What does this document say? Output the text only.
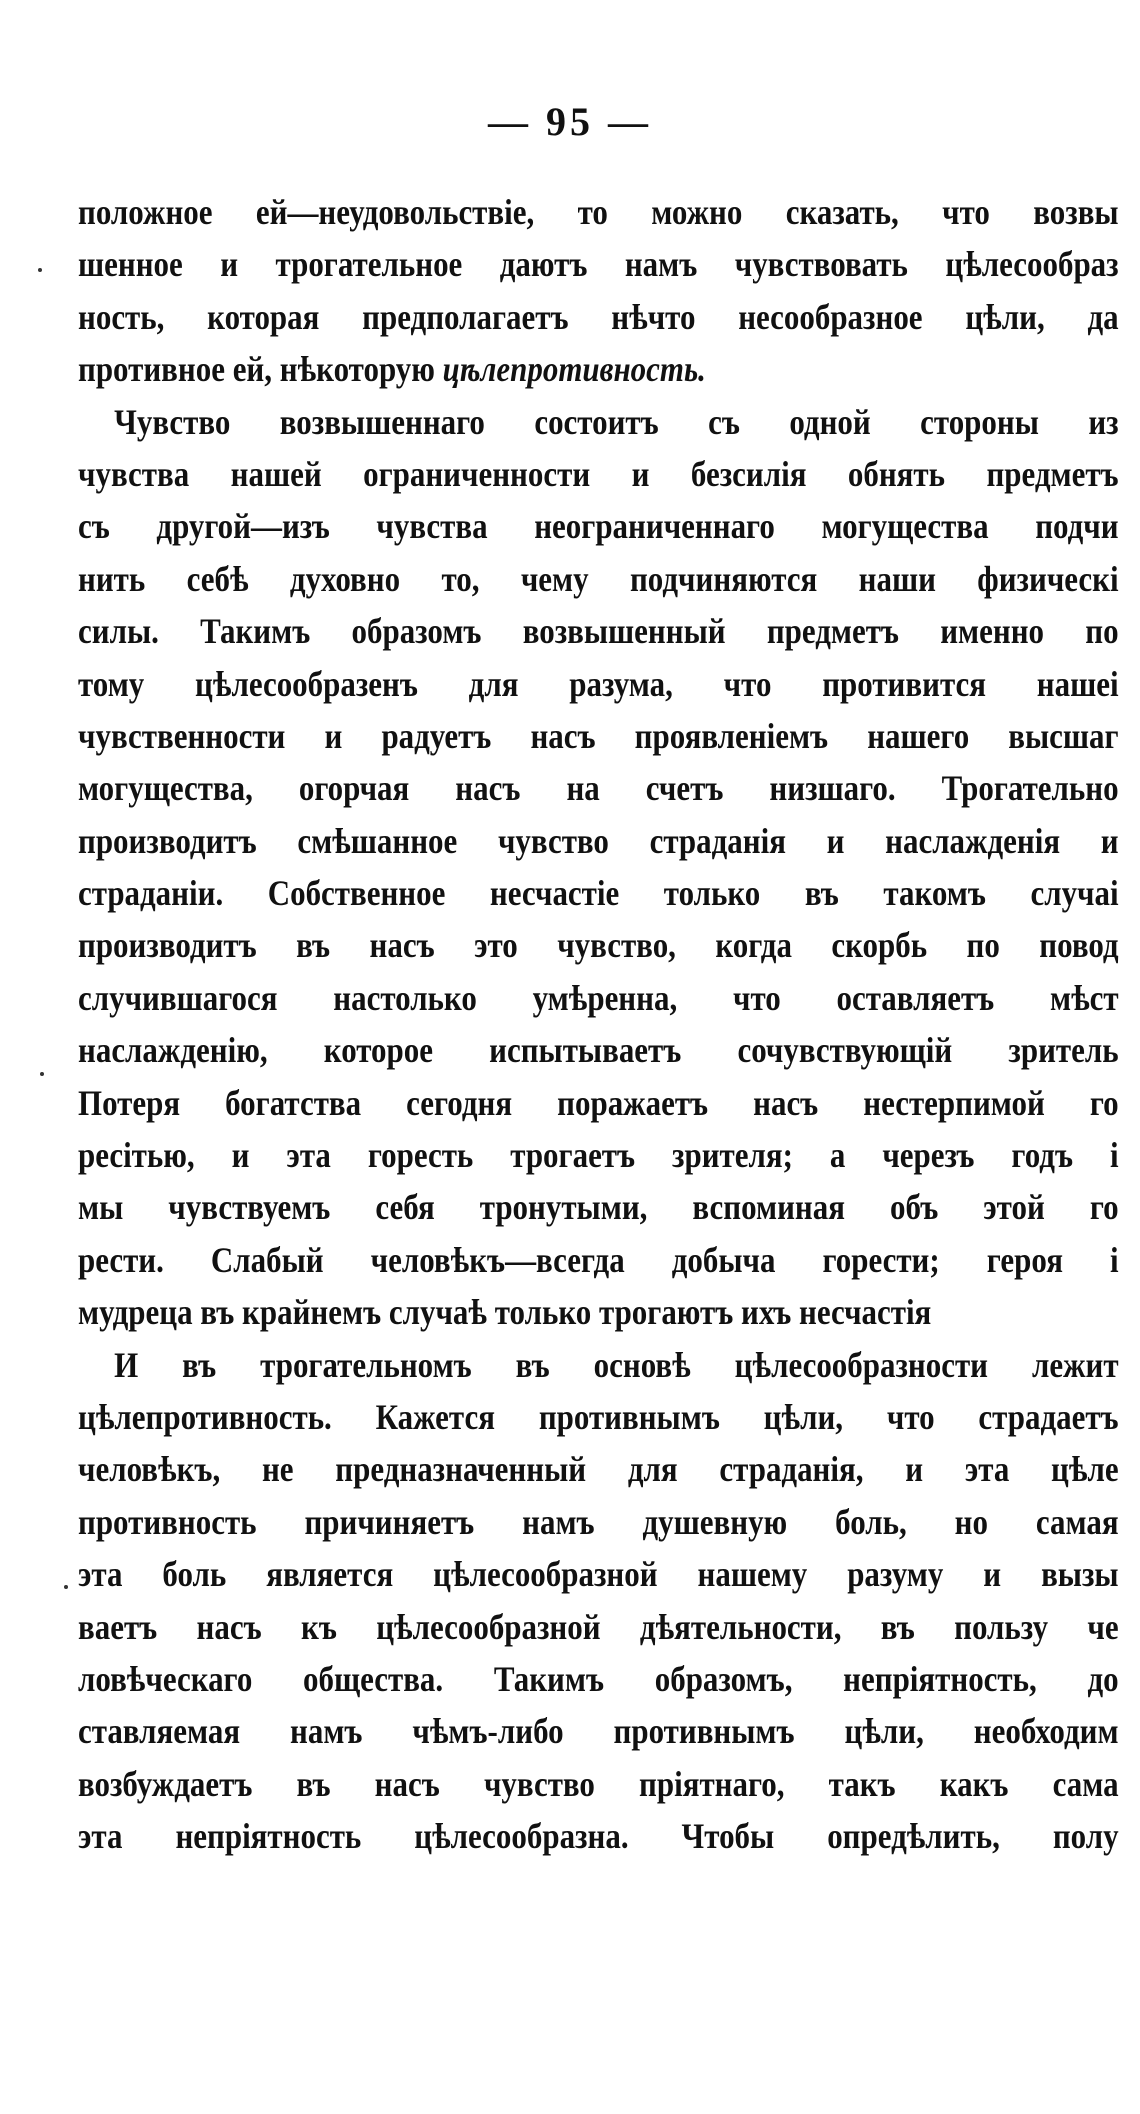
— 95 —
положное ей—неудовольствіе, то можно сказать, что возвы
шенное и трогательное даютъ намъ чувствовать цѣлесообраз
ность, которая предполагаетъ нѣчто несообразное цѣли, да
противное ей, нѣкоторую цѣлепротивность.
Чувство возвышеннаго состоитъ съ одной стороны из
чувства нашей ограниченности и безсилія обнять предметъ
съ другой—изъ чувства неограниченнаго могущества подчи
нить себѣ духовно то, чему подчиняются наши физическі
силы. Такимъ образомъ возвышенный предметъ именно по
тому цѣлесообразенъ для разума, что противится нашеі
чувственности и радуетъ насъ проявленіемъ нашего высшаг
могущества, огорчая насъ на счетъ низшаго. Трогательно
производитъ смѣшанное чувство страданія и наслажденія и
страданіи. Собственное несчастіе только въ такомъ случаі
производитъ въ насъ это чувство, когда скорбь по повод
случившагося настолько умѣренна, что оставляетъ мѣст
наслажденію, которое испытываетъ сочувствующій зритель
Потеря богатства сегодня поражаетъ насъ нестерпимой го
ресітью, и эта горесть трогаетъ зрителя; а черезъ годъ і
мы чувствуемъ себя тронутыми, вспоминая объ этой го
рести. Слабый человѣкъ—всегда добыча горести; героя і
мудреца въ крайнемъ случаѣ только трогаютъ ихъ несчастія
И въ трогательномъ въ основѣ цѣлесообразности лежит
цѣлепротивность. Кажется противнымъ цѣли, что страдаетъ
человѣкъ, не предназначенный для страданія, и эта цѣле
противность причиняетъ намъ душевную боль, но самая
эта боль является цѣлесообразной нашему разуму и вызы
ваетъ насъ къ цѣлесообразной дѣятельности, въ пользу че
ловѣческаго общества. Такимъ образомъ, непріятность, до
ставляемая намъ чѣмъ-либо противнымъ цѣли, необходим
возбуждаетъ въ насъ чувство пріятнаго, такъ какъ сама
эта непріятность цѣлесообразна. Чтобы опредѣлить, полу
